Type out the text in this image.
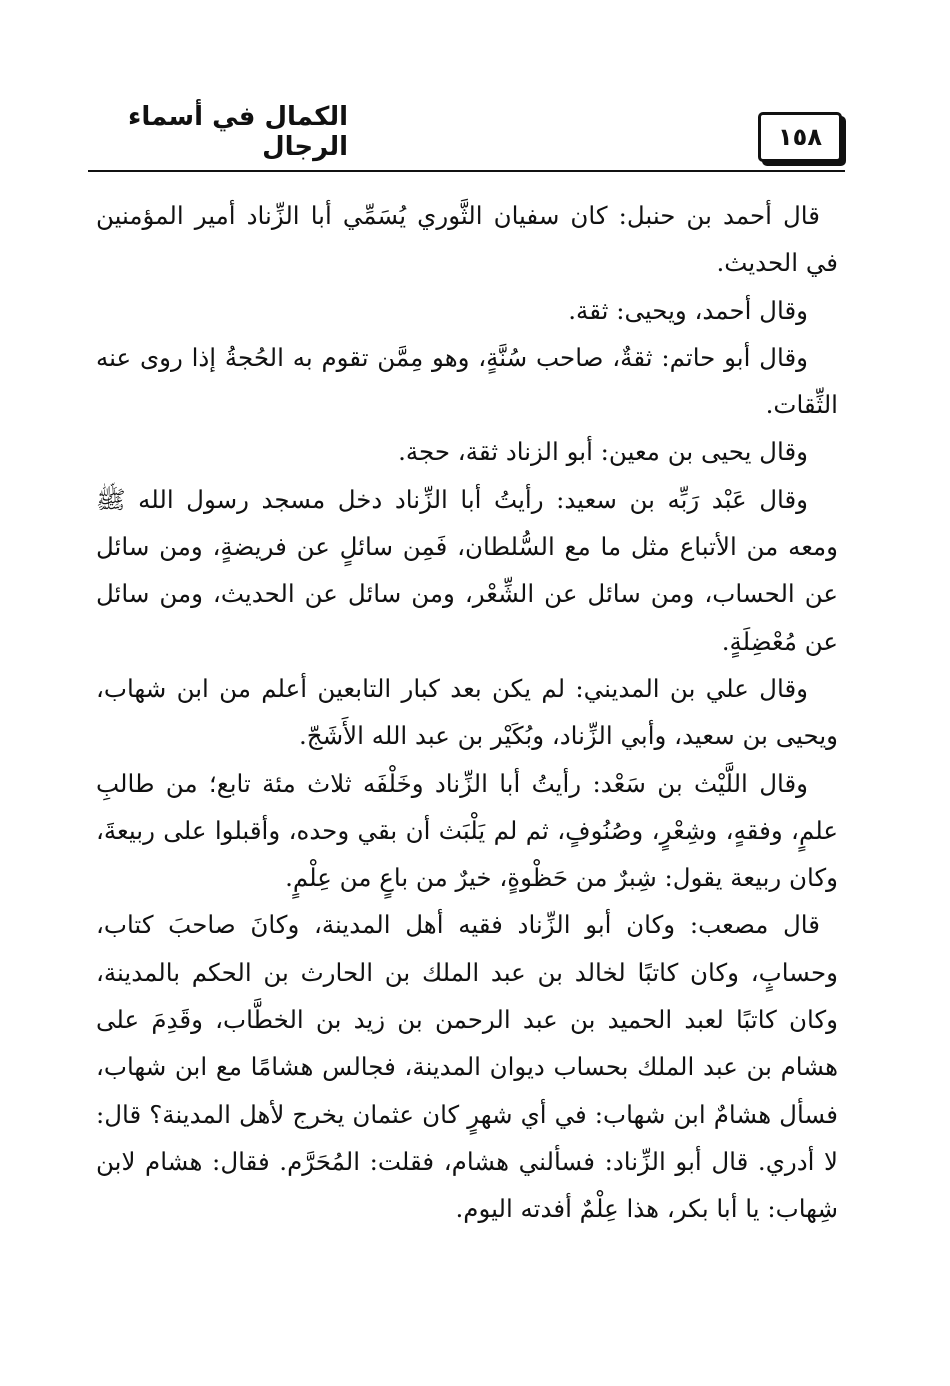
الكمال في أسماء الرجال	١٥٨

قال أحمد بن حنبل: كان سفيان الثَّوري يُسَمِّي أبا الزِّناد أمير المؤمنين في الحديث.

وقال أحمد، ويحيى: ثقة.

وقال أبو حاتم: ثقةٌ، صاحب سُنَّةٍ، وهو مِمَّن تقوم به الحُجةُ إذا روى عنه الثِّقات.

وقال يحيى بن معين: أبو الزناد ثقة، حجة.

وقال عَبْد رَبِّه بن سعيد: رأيتُ أبا الزِّناد دخل مسجد رسول الله ﷺ ومعه من الأتباع مثل ما مع السُّلطان، فَمِن سائلٍ عن فريضةٍ، ومن سائل عن الحساب، ومن سائل عن الشِّعْر، ومن سائل عن الحديث، ومن سائل عن مُعْضِلَةٍ.

وقال علي بن المديني: لم يكن بعد كبار التابعين أعلم من ابن شهاب، ويحيى بن سعيد، وأبي الزِّناد، وبُكَيْر بن عبد الله الأَشَجّ.

وقال اللَّيْث بن سَعْد: رأيتُ أبا الزِّناد وخَلْفَه ثلاث مئة تابع؛ من طالبِ علمٍ، وفقهٍ، وشِعْرٍ، وصُنُوفٍ، ثم لم يَلْبَث أن بقي وحده، وأقبلوا على ربيعةَ، وكان ربيعة يقول: شِبرٌ من حَظْوةٍ، خيرٌ من باعٍ من عِلْمٍ.

قال مصعب: وكان أبو الزِّناد فقيه أهل المدينة، وكانَ صاحبَ كتاب، وحسابٍ، وكان كاتبًا لخالد بن عبد الملك بن الحارث بن الحكم بالمدينة، وكان كاتبًا لعبد الحميد بن عبد الرحمن بن زيد بن الخطَّاب، وقَدِمَ على هشام بن عبد الملك بحساب ديوان المدينة، فجالس هشامًا مع ابن شهاب، فسأل هشامٌ ابن شهاب: في أي شهرٍ كان عثمان يخرج لأهل المدينة؟ قال: لا أدري. قال أبو الزِّناد: فسألني هشام، فقلت: المُحَرَّم. فقال: هشام لابن شِهاب: يا أبا بكر، هذا عِلْمٌ أفدته اليوم.
